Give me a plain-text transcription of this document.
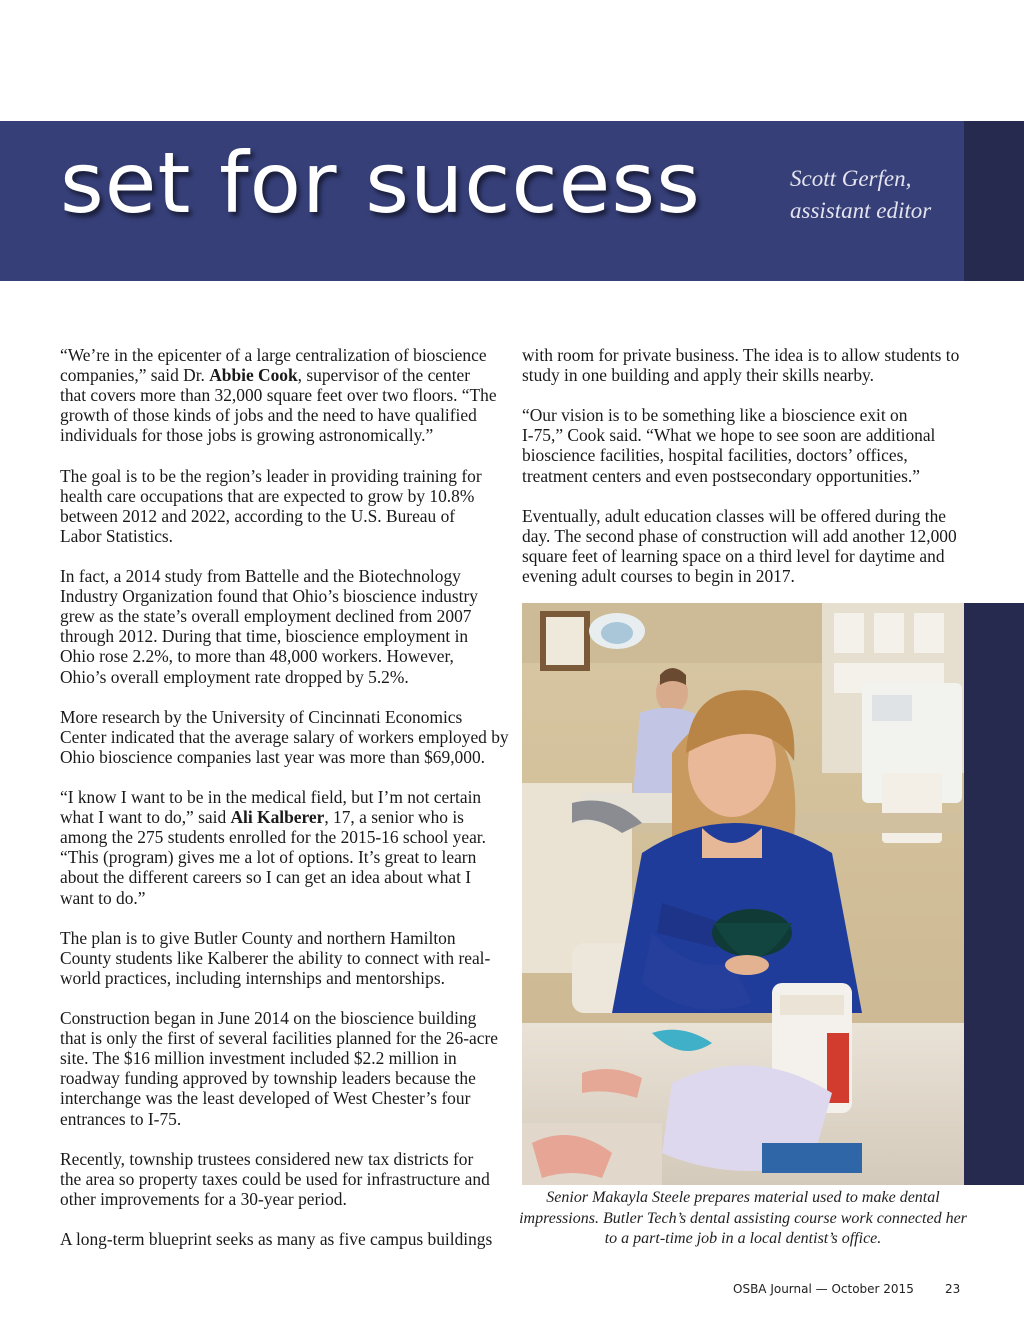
set for success	Scott Gerfen,
assistant editor

“We’re in the epicenter of a large centralization of bioscience
companies,” said Dr. Abbie Cook, supervisor of the center
that covers more than 32,000 square feet over two floors. “The
growth of those kinds of jobs and the need to have qualified
individuals for those jobs is growing astronomically.”

The goal is to be the region’s leader in providing training for
health care occupations that are expected to grow by 10.8%
between 2012 and 2022, according to the U.S. Bureau of
Labor Statistics.

In fact, a 2014 study from Battelle and the Biotechnology
Industry Organization found that Ohio’s bioscience industry
grew as the state’s overall employment declined from 2007
through 2012. During that time, bioscience employment in
Ohio rose 2.2%, to more than 48,000 workers. However,
Ohio’s overall employment rate dropped by 5.2%.

More research by the University of Cincinnati Economics
Center indicated that the average salary of workers employed by
Ohio bioscience companies last year was more than $69,000.

“I know I want to be in the medical field, but I’m not certain
what I want to do,” said Ali Kalberer, 17, a senior who is
among the 275 students enrolled for the 2015-16 school year.
“This (program) gives me a lot of options. It’s great to learn
about the different careers so I can get an idea about what I
want to do.”

The plan is to give Butler County and northern Hamilton
County students like Kalberer the ability to connect with real-
world practices, including internships and mentorships.

Construction began in June 2014 on the bioscience building
that is only the first of several facilities planned for the 26-acre
site. The $16 million investment included $2.2 million in
roadway funding approved by township leaders because the
interchange was the least developed of West Chester’s four
entrances to I-75.

Recently, township trustees considered new tax districts for
the area so property taxes could be used for infrastructure and
other improvements for a 30-year period.

A long-term blueprint seeks as many as five campus buildings

with room for private business. The idea is to allow students to
study in one building and apply their skills nearby.

“Our vision is to be something like a bioscience exit on
I-75,” Cook said. “What we hope to see soon are additional
bioscience facilities, hospital facilities, doctors’ offices,
treatment centers and even postsecondary opportunities.”

Eventually, adult education classes will be offered during the
day. The second phase of construction will add another 12,000
square feet of learning space on a third level for daytime and
evening adult courses to begin in 2017.

Senior Makayla Steele prepares material used to make dental
impressions. Butler Tech’s dental assisting course work connected her
to a part-time job in a local dentist’s office.
OSBA Journal — October 2015	23
